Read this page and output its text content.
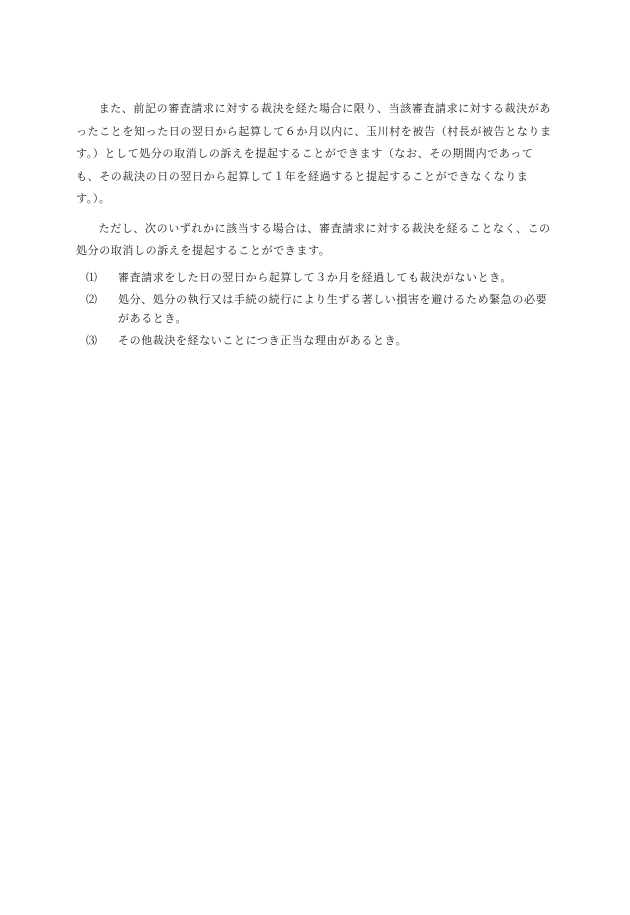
　また、前記の審査請求に対する裁決を経た場合に限り、当該審査請求に対する裁決があったことを知った日の翌日から起算して６か月以内に、玉川村を被告（村長が被告となります。）として処分の取消しの訴えを提起することができます（なお、その期間内であっても、その裁決の日の翌日から起算して１年を経過すると提起することができなくなります。）。

　ただし、次のいずれかに該当する場合は、審査請求に対する裁決を経ることなく、この処分の取消しの訴えを提起することができます。

⑴	審査請求をした日の翌日から起算して３か月を経過しても裁決がないとき。
⑵	処分、処分の執行又は手続の続行により生ずる著しい損害を避けるため緊急の必要があるとき。
⑶	その他裁決を経ないことにつき正当な理由があるとき。
